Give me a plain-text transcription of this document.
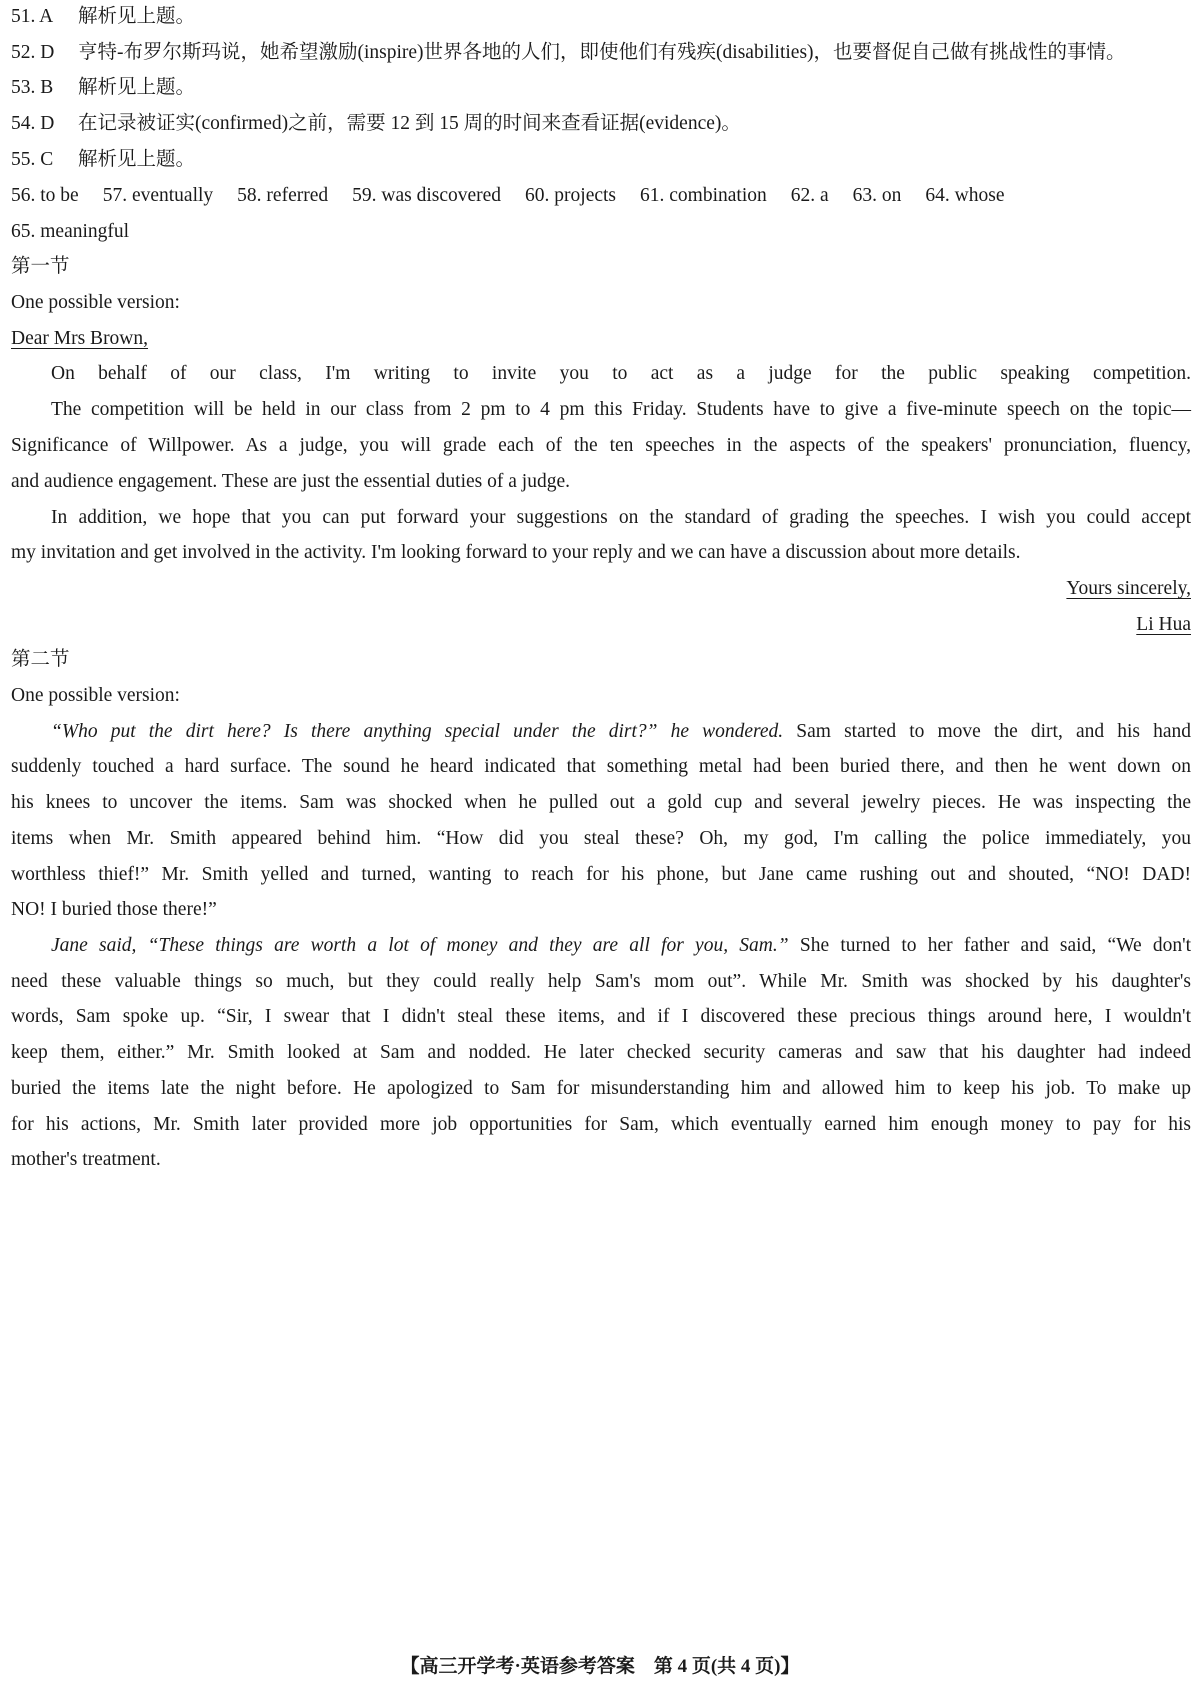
51. A 解析见上题。
52. D 亨特-布罗尔斯玛说，她希望激励(inspire)世界各地的人们，即使他们有残疾(disabilities)，也要督促自己做有挑战性的事情。
53. B 解析见上题。
54. D 在记录被证实(confirmed)之前，需要 12 到 15 周的时间来查看证据(evidence)。
55. C 解析见上题。
56. to be 57. eventually 58. referred 59. was discovered 60. projects 61. combination 62. a 63. on 64. whose
65. meaningful
第一节
One possible version:
Dear Mrs Brown,
On behalf of our class, I'm writing to invite you to act as a judge for the public speaking competition.
The competition will be held in our class from 2 pm to 4 pm this Friday. Students have to give a five-minute speech on the topic—
Significance of Willpower. As a judge, you will grade each of the ten speeches in the aspects of the speakers' pronunciation, fluency,
and audience engagement. These are just the essential duties of a judge.
In addition, we hope that you can put forward your suggestions on the standard of grading the speeches. I wish you could accept
my invitation and get involved in the activity. I'm looking forward to your reply and we can have a discussion about more details.
Yours sincerely,
Li Hua
第二节
One possible version:
“Who put the dirt here? Is there anything special under the dirt?” he wondered. Sam started to move the dirt, and his hand
suddenly touched a hard surface. The sound he heard indicated that something metal had been buried there, and then he went down on
his knees to uncover the items. Sam was shocked when he pulled out a gold cup and several jewelry pieces. He was inspecting the
items when Mr. Smith appeared behind him. “How did you steal these? Oh, my god, I'm calling the police immediately, you
worthless thief!” Mr. Smith yelled and turned, wanting to reach for his phone, but Jane came rushing out and shouted, “NO! DAD!
NO! I buried those there!”
Jane said, “These things are worth a lot of money and they are all for you, Sam.” She turned to her father and said, “We don't
need these valuable things so much, but they could really help Sam's mom out”. While Mr. Smith was shocked by his daughter's
words, Sam spoke up. “Sir, I swear that I didn't steal these items, and if I discovered these precious things around here, I wouldn't
keep them, either.” Mr. Smith looked at Sam and nodded. He later checked security cameras and saw that his daughter had indeed
buried the items late the night before. He apologized to Sam for misunderstanding him and allowed him to keep his job. To make up
for his actions, Mr. Smith later provided more job opportunities for Sam, which eventually earned him enough money to pay for his
mother's treatment.
【高三开学考·英语参考答案　第 4 页(共 4 页)】
